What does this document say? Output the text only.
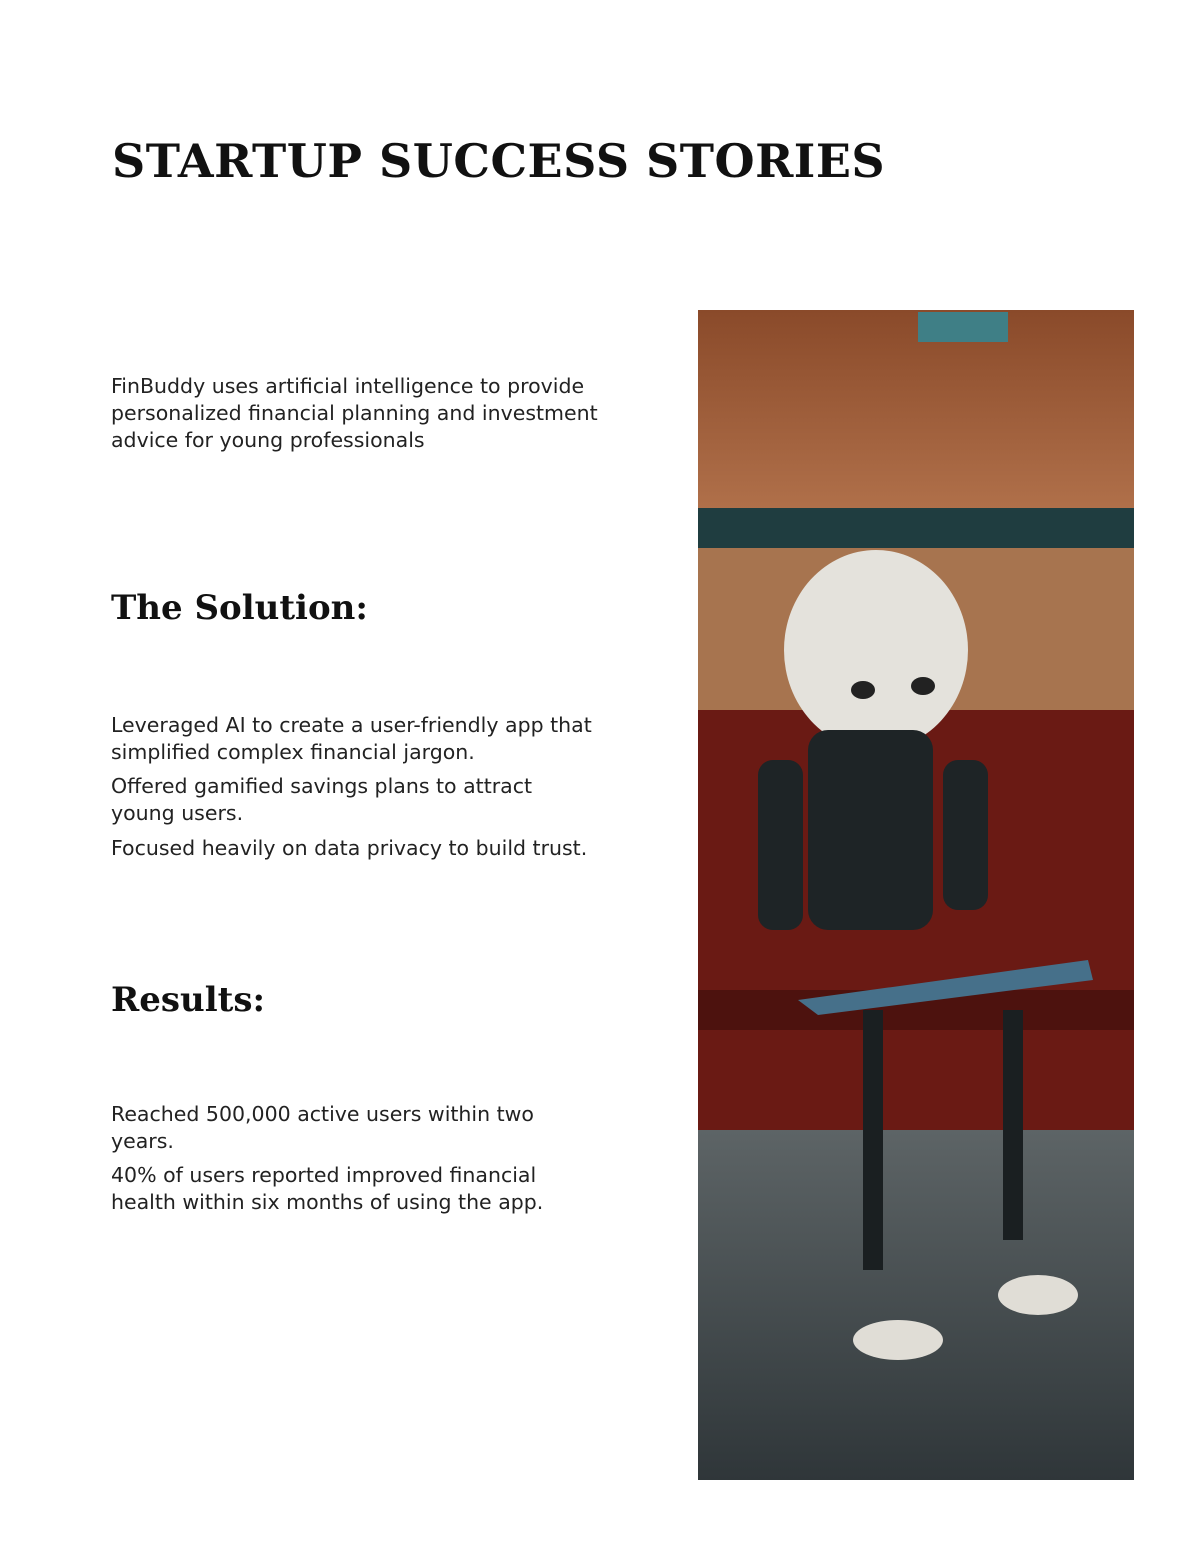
STARTUP SUCCESS STORIES

FinBuddy uses artificial intelligence to provide personalized financial planning and investment advice for young professionals

The Solution:

Leveraged AI to create a user-friendly app that simplified complex financial jargon.

Offered gamified savings plans to attract young users.

Focused heavily on data privacy to build trust.

Results:

Reached 500,000 active users within two years.

40% of users reported improved financial health within six months of using the app.
